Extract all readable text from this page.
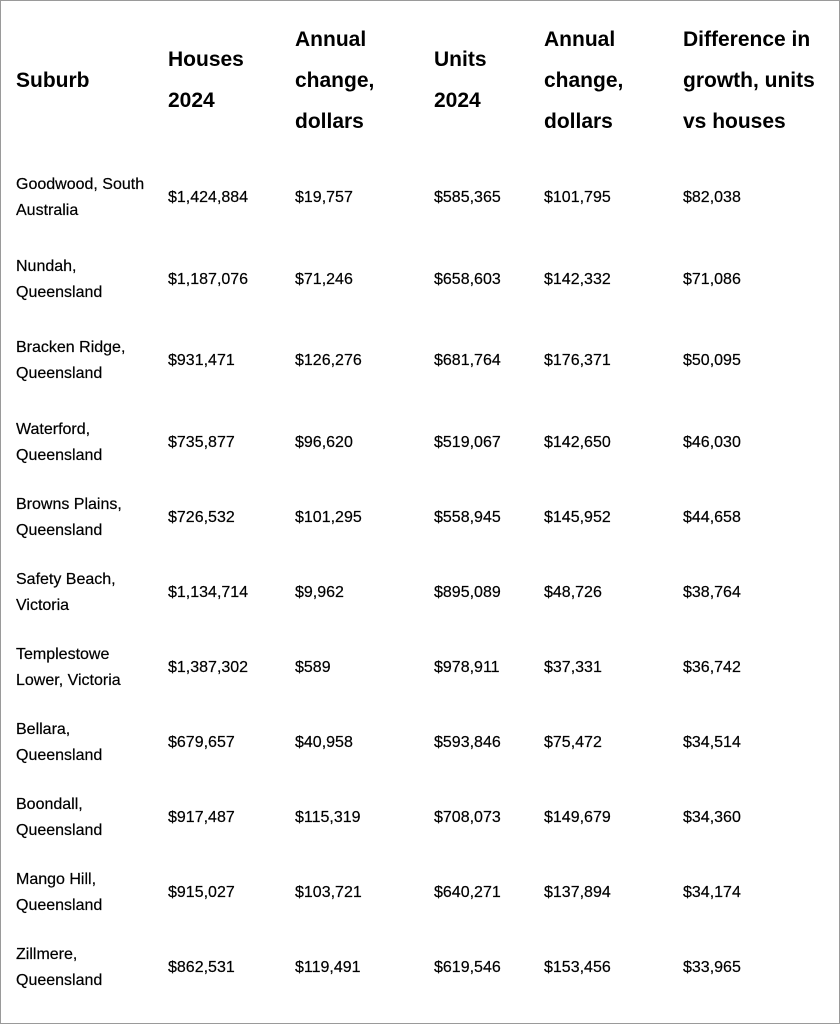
Suburb	Houses 2024	Annual change, dollars	Units 2024	Annual change, dollars	Difference in growth, units vs houses
Goodwood, South Australia	$1,424,884	$19,757	$585,365	$101,795	$82,038
Nundah, Queensland	$1,187,076	$71,246	$658,603	$142,332	$71,086
Bracken Ridge, Queensland	$931,471	$126,276	$681,764	$176,371	$50,095
Waterford, Queensland	$735,877	$96,620	$519,067	$142,650	$46,030
Browns Plains, Queensland	$726,532	$101,295	$558,945	$145,952	$44,658
Safety Beach, Victoria	$1,134,714	$9,962	$895,089	$48,726	$38,764
Templestowe Lower, Victoria	$1,387,302	$589	$978,911	$37,331	$36,742
Bellara, Queensland	$679,657	$40,958	$593,846	$75,472	$34,514
Boondall, Queensland	$917,487	$115,319	$708,073	$149,679	$34,360
Mango Hill, Queensland	$915,027	$103,721	$640,271	$137,894	$34,174
Zillmere, Queensland	$862,531	$119,491	$619,546	$153,456	$33,965
